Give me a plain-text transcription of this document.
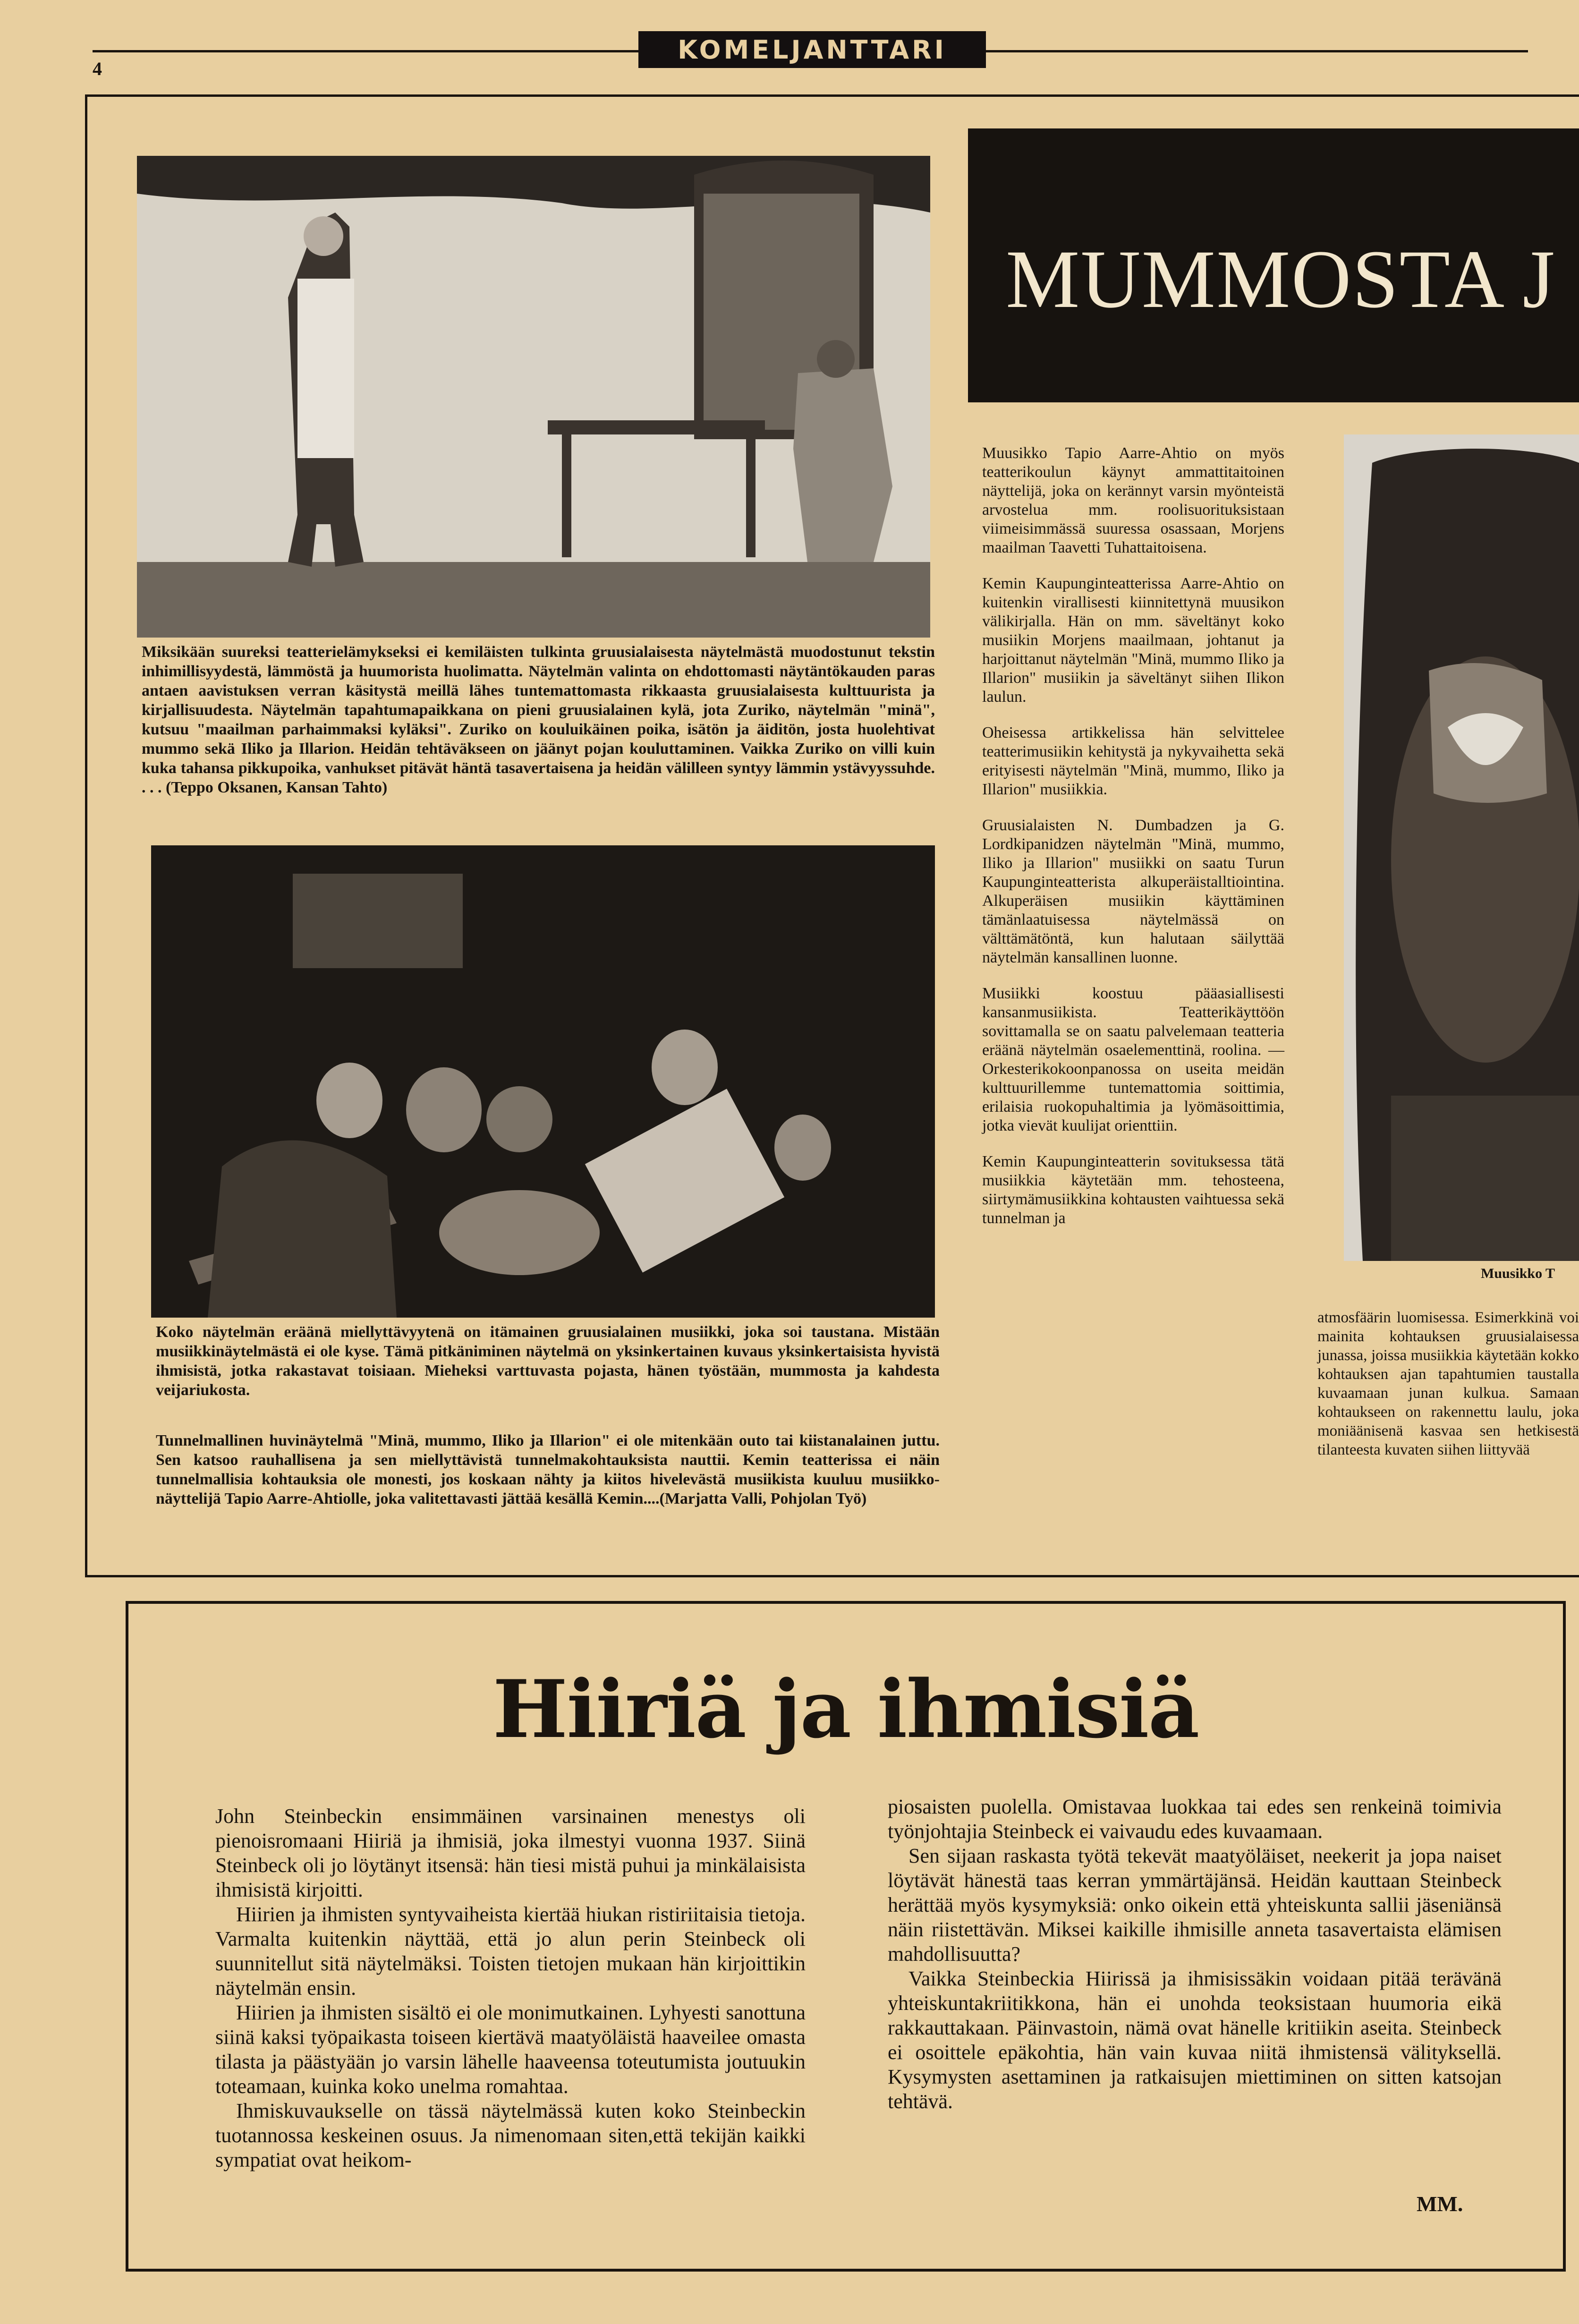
4
KOMELJANTTARI
Miksikään suureksi teatterielämykseksi ei kemiläisten tulkinta gruusialaisesta näytelmästä muodostunut tekstin inhimillisyydestä, lämmöstä ja huumorista huolimatta. Näytelmän valinta on ehdottomasti näytäntökauden paras antaen aavistuksen verran käsitystä meillä lähes tuntemattomasta rikkaasta gruusialaisesta kulttuurista ja kirjallisuudesta. Näytelmän tapahtumapaikkana on pieni gruusialainen kylä, jota Zuriko, näytelmän "minä", kutsuu "maailman parhaimmaksi kyläksi". Zuriko on kouluikäinen poika, isätön ja äiditön, josta huolehtivat mummo sekä Iliko ja Illarion. Heidän tehtäväkseen on jäänyt pojan kouluttaminen. Vaikka Zuriko on villi kuin kuka tahansa pikkupoika, vanhukset pitävät häntä tasavertaisena ja heidän välilleen syntyy lämmin ystävyyssuhde. . . . (Teppo Oksanen, Kansan Tahto)
Koko näytelmän eräänä miellyttävyytenä on itämainen gruusialainen musiikki, joka soi taustana. Mistään musiikkinäytelmästä ei ole kyse. Tämä pitkäniminen näytelmä on yksinkertainen kuvaus yksinkertaisista hyvistä ihmisistä, jotka rakastavat toisiaan. Mieheksi varttuvasta pojasta, hänen työstään, mummosta ja kahdesta veijariukosta.
Tunnelmallinen huvinäytelmä "Minä, mummo, Iliko ja Illarion" ei ole mitenkään outo tai kiistanalainen juttu. Sen katsoo rauhallisena ja sen miellyttävistä tunnelmakohtauksista nauttii. Kemin teatterissa ei näin tunnelmallisia kohtauksia ole monesti, jos koskaan nähty ja kiitos hivelevästä musiikista kuuluu musiikko-näyttelijä Tapio Aarre-Ahtiolle, joka valitettavasti jättää kesällä Kemin....(Marjatta Valli, Pohjolan Työ)
MUMMOSTA J

Muusikko Tapio Aarre-Ahtio on myös teatterikoulun käynyt ammattitaitoinen näyttelijä, joka on kerännyt varsin myönteistä arvostelua mm. roolisuorituksistaan viimeisimmässä suuressa osassaan, Morjens maailman Taavetti Tuhattaitoisena.

Kemin Kaupunginteatterissa Aarre-Ahtio on kuitenkin virallisesti kiinnitettynä muusikon välikirjalla. Hän on mm. säveltänyt koko musiikin Morjens maailmaan, johtanut ja harjoittanut näytelmän "Minä, mummo Iliko ja Illarion" musiikin ja säveltänyt siihen Ilikon laulun.

Oheisessa artikkelissa hän selvittelee teatterimusiikin kehitystä ja nykyvaihetta sekä erityisesti näytelmän "Minä, mummo, Iliko ja Illarion" musiikkia.

Gruusialaisten N. Dumbadzen ja G. Lordkipanidzen näytelmän "Minä, mummo, Iliko ja Illarion" musiikki on saatu Turun Kaupunginteatterista alkuperäistalltiointina. Alkuperäisen musiikin käyttäminen tämänlaatuisessa näytelmässä on välttämätöntä, kun halutaan säilyttää näytelmän kansallinen luonne.

Musiikki koostuu pääasiallisesti kansanmusiikista. Teatterikäyttöön sovittamalla se on saatu palvelemaan teatteria eräänä näytelmän osaelementtinä, roolina. — Orkesterikokoonpanossa on useita meidän kulttuurillemme tuntemattomia soittimia, erilaisia ruokopuhaltimia ja lyömäsoittimia, jotka vievät kuulijat orienttiin.

Kemin Kaupunginteatterin sovituksessa tätä musiikkia käytetään mm. tehosteena, siirtymämusiikkina kohtausten vaihtuessa sekä tunnelman ja

Muusikko T
atmosfäärin luomisessa. Esimerkkinä voi mainita kohtauksen gruusialaisessa junassa, joissa musiikkia käytetään kokko kohtauksen ajan tapahtumien taustalla kuvaamaan junan kulkua. Samaan kohtaukseen on rakennettu laulu, joka moniäänisenä kasvaa sen hetkisestä tilanteesta kuvaten siihen liittyvää
Hiiriä ja ihmisiä

John Steinbeckin ensimmäinen varsinainen menestys oli pienoisromaani Hiiriä ja ihmisiä, joka ilmestyi vuonna 1937. Siinä Steinbeck oli jo löytänyt itsensä: hän tiesi mistä puhui ja minkälaisista ihmisistä kirjoitti.

Hiirien ja ihmisten syntyvaiheista kiertää hiukan ristiriitaisia tietoja. Varmalta kuitenkin näyttää, että jo alun perin Steinbeck oli suunnitellut sitä näytelmäksi. Toisten tietojen mukaan hän kirjoittikin näytelmän ensin.

Hiirien ja ihmisten sisältö ei ole monimutkainen. Lyhyesti sanottuna siinä kaksi työpaikasta toiseen kiertävä maatyöläistä haaveilee omasta tilasta ja päästyään jo varsin lähelle haaveensa toteutumista joutuukin toteamaan, kuinka koko unelma romahtaa.

Ihmiskuvaukselle on tässä näytelmässä kuten koko Steinbeckin tuotannossa keskeinen osuus. Ja nimenomaan siten,että tekijän kaikki sympatiat ovat heikom-

piosaisten puolella. Omistavaa luokkaa tai edes sen renkeinä toimivia työnjohtajia Steinbeck ei vaivaudu edes kuvaamaan.

Sen sijaan raskasta työtä tekevät maatyöläiset, neekerit ja jopa naiset löytävät hänestä taas kerran ymmärtäjänsä. Heidän kauttaan Steinbeck herättää myös kysymyksiä: onko oikein että yhteiskunta sallii jäseniänsä näin riistettävän. Miksei kaikille ihmisille anneta tasavertaista elämisen mahdollisuutta?

Vaikka Steinbeckia Hiirissä ja ihmisissäkin voidaan pitää terävänä yhteiskuntakriitikkona, hän ei unohda teoksistaan huumoria eikä rakkauttakaan. Päinvastoin, nämä ovat hänelle kritiikin aseita. Steinbeck ei osoittele epäkohtia, hän vain kuvaa niitä ihmistensä välityksellä. Kysymysten asettaminen ja ratkaisujen miettiminen on sitten katsojan tehtävä.

MM.
